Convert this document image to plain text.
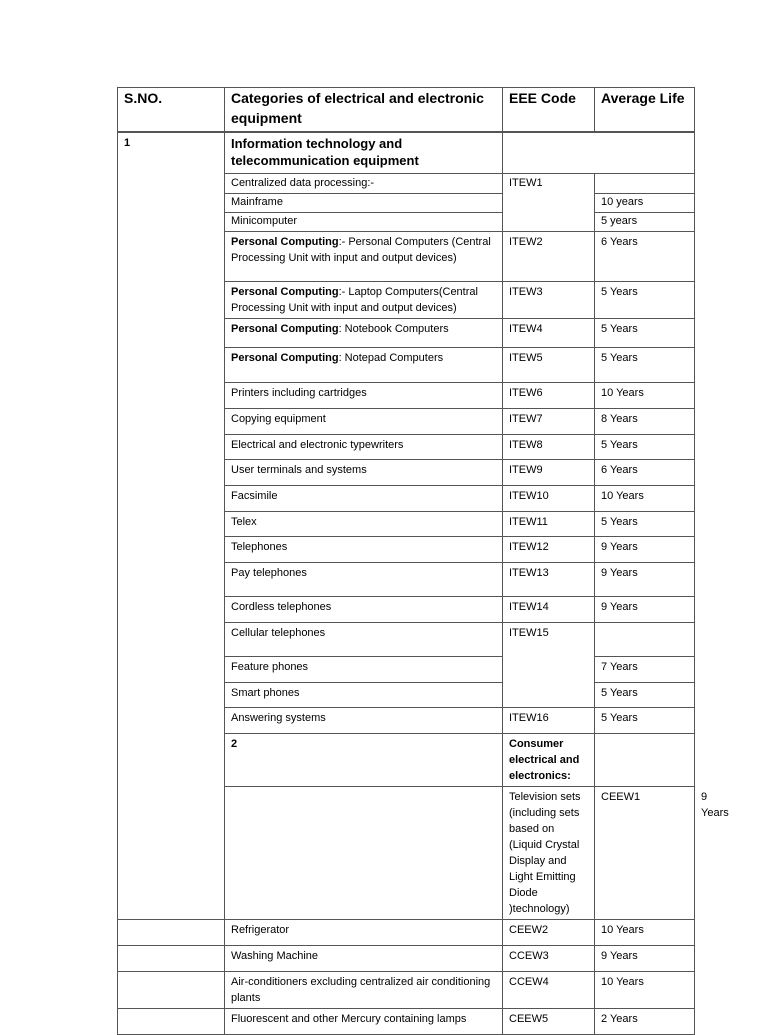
S.NO.	Categories of electrical and electronic equipment	EEE Code	Average Life	
1	Information technology and telecommunication equipment			
	Centralized data processing:-	ITEW1		
	Mainframe		10 years	
	Minicomputer		5 years	
	Personal Computing:- Personal Computers (Central Processing Unit with input and output devices)	ITEW2	6 Years	
	Personal Computing:- Laptop Computers(Central Processing Unit with input and output devices)	ITEW3	5 Years	
	Personal Computing: Notebook Computers	ITEW4	5 Years	
	Personal Computing: Notepad Computers	ITEW5	5 Years	
	Printers including cartridges	ITEW6	10 Years	
	Copying equipment	ITEW7	8 Years	
	Electrical and electronic typewriters	ITEW8	5 Years	
	User terminals and systems	ITEW9	6 Years	
	Facsimile	ITEW10	10 Years	
	Telex	ITEW11	5 Years	
	Telephones	ITEW12	9 Years	
	Pay telephones	ITEW13	9 Years	
	Cordless telephones	ITEW14	9 Years	
	Cellular telephones	ITEW15		
	Feature phones		7 Years	
	Smart phones		5 Years	
	Answering systems	ITEW16	5 Years	
	2	Consumer electrical and electronics:		
		Television sets (including sets based on (Liquid Crystal Display and Light Emitting Diode )technology)	CEEW1	9 Years
	Refrigerator	CEEW2	10 Years	
	Washing Machine	CCEW3	9 Years	
	Air-conditioners excluding centralized air conditioning plants	CCEW4	10 Years	
	Fluorescent and other Mercury containing lamps	CEEW5	2 Years	
